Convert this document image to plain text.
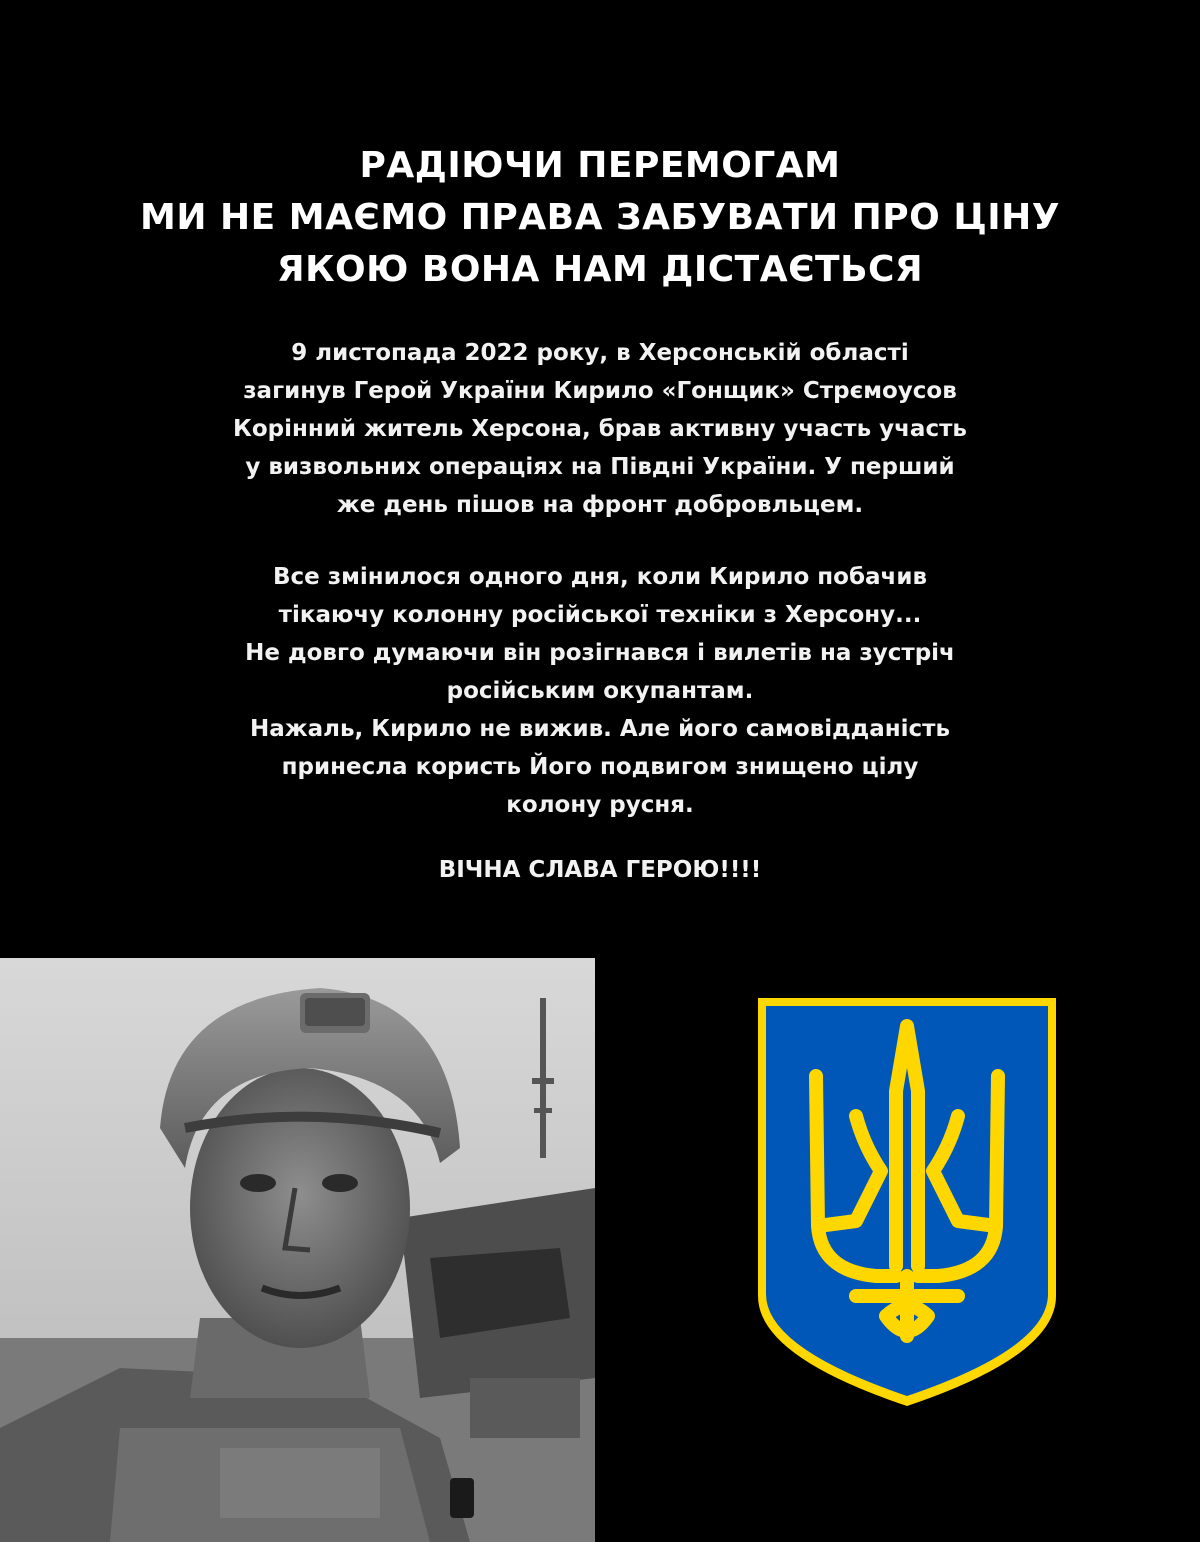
РАДІЮЧИ ПЕРЕМОГАМ
МИ НЕ МАЄМО ПРАВА ЗАБУВАТИ ПРО ЦІНУ
ЯКОЮ ВОНА НАМ ДІСТАЄТЬСЯ
9 листопада 2022 року, в Херсонській області
загинув Герой України Кирило «Гонщик» Стрємоусов
Корінний житель Херсона, брав активну участь участь
у визвольних операціях на Півдні України. У перший
же день пішов на фронт добровльцем.
Все змінилося одного дня, коли Кирило побачив
тікаючу колонну російської техніки з Херсону...
Не довго думаючи він розігнався і вилетів на зустріч
російським окупантам.
Нажаль, Кирило не вижив. Але його самовідданість
принесла користь Його подвигом знищено цілу
колону русня.
ВІЧНА СЛАВА ГЕРОЮ!!!!
